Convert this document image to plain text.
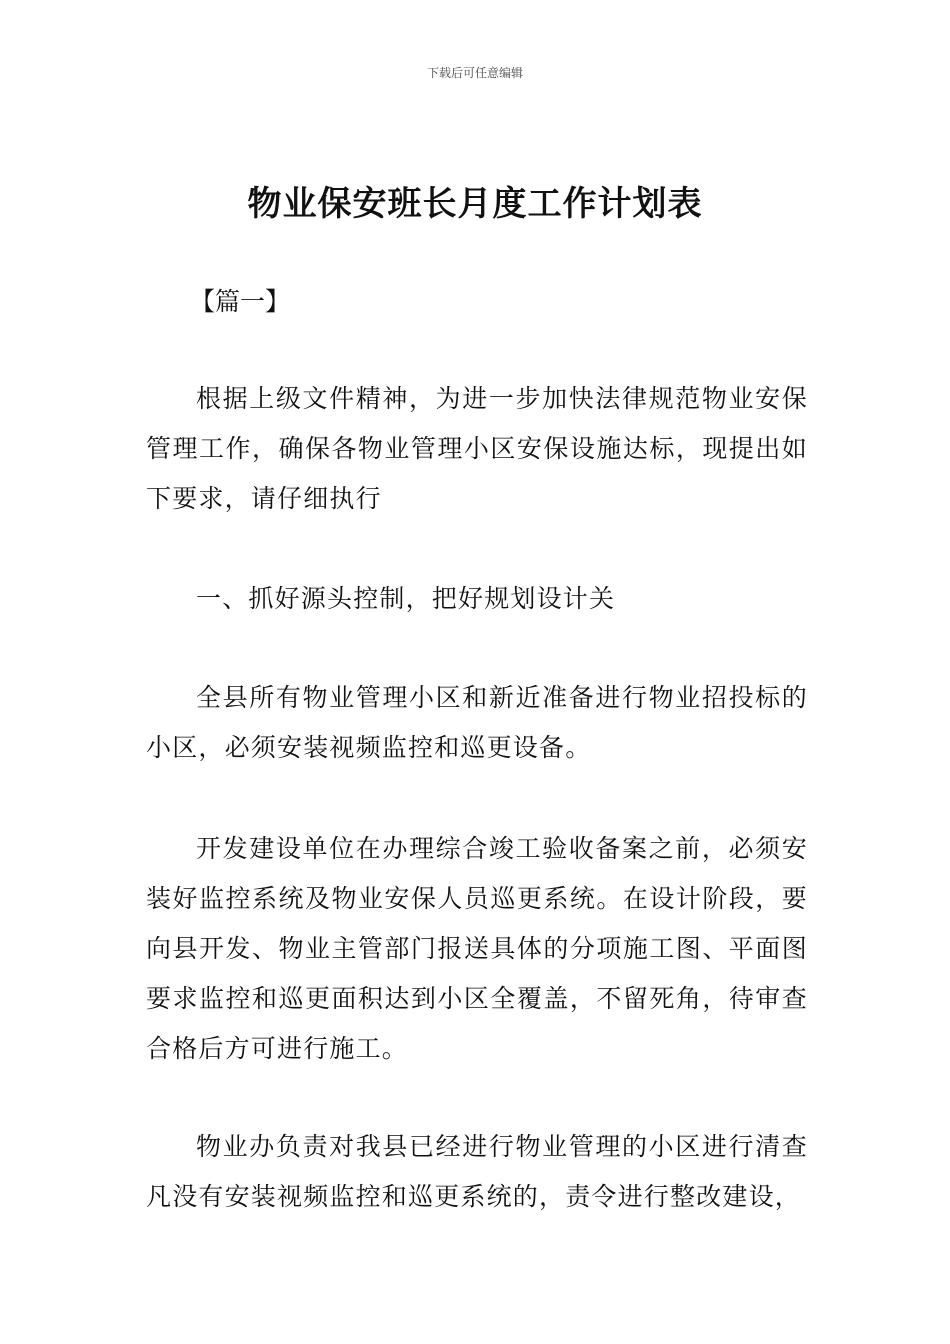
下载后可任意编辑
物业保安班长月度工作计划表

【篇一】

根据上级文件精神，为进一步加快法律规范物业安保管理工作，确保各物业管理小区安保设施达标，现提出如下要求，请仔细执行

一、抓好源头控制，把好规划设计关

全县所有物业管理小区和新近准备进行物业招投标的小区，必须安装视频监控和巡更设备。

开发建设单位在办理综合竣工验收备案之前，必须安装好监控系统及物业安保人员巡更系统。在设计阶段，要向县开发、物业主管部门报送具体的分项施工图、平面图要求监控和巡更面积达到小区全覆盖，不留死角，待审查合格后方可进行施工。

物业办负责对我县已经进行物业管理的小区进行清查凡没有安装视频监控和巡更系统的，责令进行整改建设，
